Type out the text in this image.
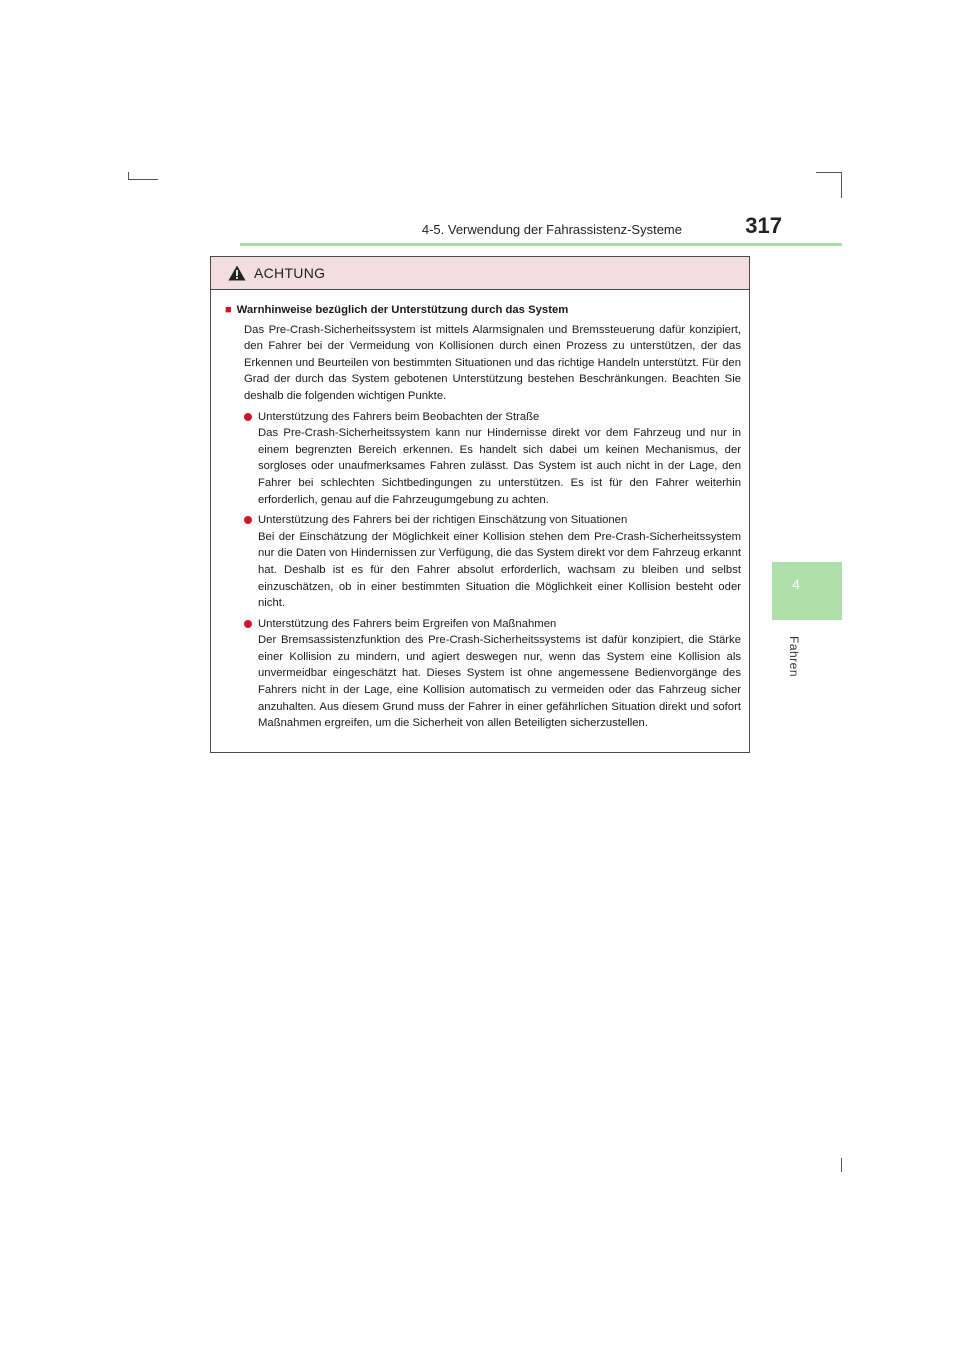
4-5. Verwendung der Fahrassistenz-Systeme	317
4
Fahren
ACHTUNG
■ Warnhinweise bezüglich der Unterstützung durch das System
Das Pre-Crash-Sicherheitssystem ist mittels Alarmsignalen und Bremssteuerung dafür konzipiert, den Fahrer bei der Vermeidung von Kollisionen durch einen Prozess zu unterstützen, der das Erkennen und Beurteilen von bestimmten Situationen und das richtige Handeln unterstützt. Für den Grad der durch das System gebotenen Unterstützung bestehen Beschränkungen. Beachten Sie deshalb die folgenden wichtigen Punkte.
Unterstützung des Fahrers beim Beobachten der Straße
Das Pre-Crash-Sicherheitssystem kann nur Hindernisse direkt vor dem Fahrzeug und nur in einem begrenzten Bereich erkennen. Es handelt sich dabei um keinen Mechanismus, der sorgloses oder unaufmerksames Fahren zulässt. Das System ist auch nicht in der Lage, den Fahrer bei schlechten Sichtbedingungen zu unterstützen. Es ist für den Fahrer weiterhin erforderlich, genau auf die Fahrzeugumgebung zu achten.
Unterstützung des Fahrers bei der richtigen Einschätzung von Situationen
Bei der Einschätzung der Möglichkeit einer Kollision stehen dem Pre-Crash-Sicherheitssystem nur die Daten von Hindernissen zur Verfügung, die das System direkt vor dem Fahrzeug erkannt hat. Deshalb ist es für den Fahrer absolut erforderlich, wachsam zu bleiben und selbst einzuschätzen, ob in einer bestimmten Situation die Möglichkeit einer Kollision besteht oder nicht.
Unterstützung des Fahrers beim Ergreifen von Maßnahmen
Der Bremsassistenzfunktion des Pre-Crash-Sicherheitssystems ist dafür konzipiert, die Stärke einer Kollision zu mindern, und agiert deswegen nur, wenn das System eine Kollision als unvermeidbar eingeschätzt hat. Dieses System ist ohne angemessene Bedienvorgänge des Fahrers nicht in der Lage, eine Kollision automatisch zu vermeiden oder das Fahrzeug sicher anzuhalten. Aus diesem Grund muss der Fahrer in einer gefährlichen Situation direkt und sofort Maßnahmen ergreifen, um die Sicherheit von allen Beteiligten sicherzustellen.
